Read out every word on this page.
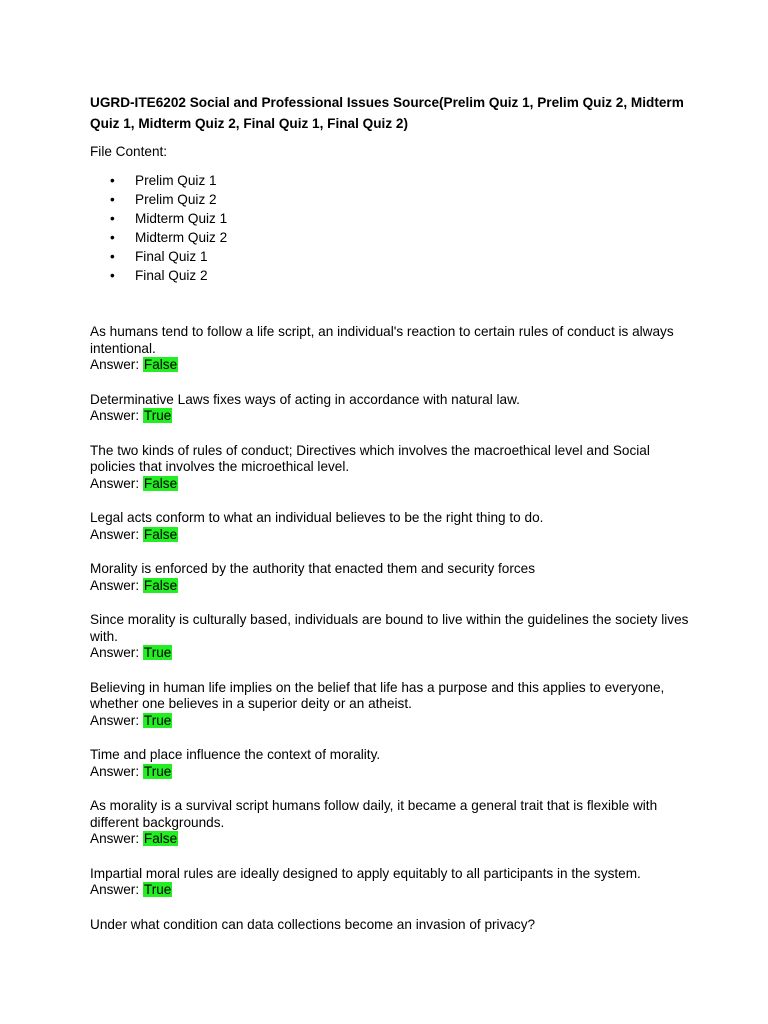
UGRD-ITE6202 Social and Professional Issues Source(Prelim Quiz 1, Prelim Quiz 2, Midterm Quiz 1, Midterm Quiz 2, Final Quiz 1, Final Quiz 2)

File Content:
• Prelim Quiz 1
• Prelim Quiz 2
• Midterm Quiz 1
• Midterm Quiz 2
• Final Quiz 1
• Final Quiz 2
As humans tend to follow a life script, an individual's reaction to certain rules of conduct is always intentional.
Answer: False
Determinative Laws fixes ways of acting in accordance with natural law.
Answer: True
The two kinds of rules of conduct; Directives which involves the macroethical level and Social policies that involves the microethical level.
Answer: False
Legal acts conform to what an individual believes to be the right thing to do.
Answer: False
Morality is enforced by the authority that enacted them and security forces
Answer: False
Since morality is culturally based, individuals are bound to live within the guidelines the society lives with.
Answer: True
Believing in human life implies on the belief that life has a purpose and this applies to everyone, whether one believes in a superior deity or an atheist.
Answer: True
Time and place influence the context of morality.
Answer: True
As morality is a survival script humans follow daily, it became a general trait that is flexible with different backgrounds.
Answer: False
Impartial moral rules are ideally designed to apply equitably to all participants in the system.
Answer: True
Under what condition can data collections become an invasion of privacy?
